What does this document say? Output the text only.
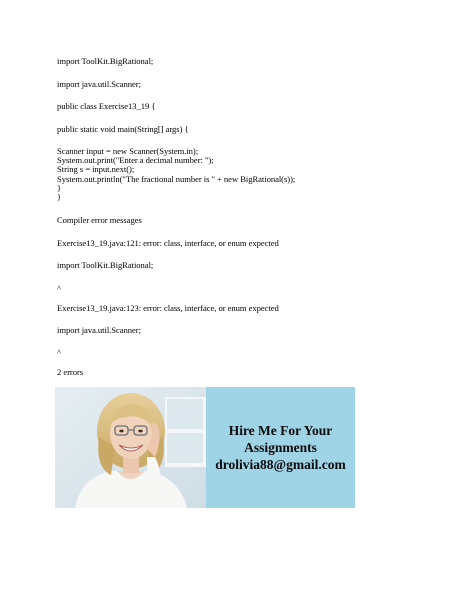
import ToolKit.BigRational;
import java.util.Scanner;
public class Exercise13_19 {
public static void main(String[] args) {
Scanner input = new Scanner(System.in);
System.out.print("Enter a decimal number: ");
String s = input.next();
System.out.println("The fractional number is " + new BigRational(s));
}
}
Compiler error messages
Exercise13_19.java:121: error: class, interface, or enum expected
import ToolKit.BigRational;
^
Exercise13_19.java:123: error: class, interface, or enum expected
import java.util.Scanner;
^
2 errors
Hire Me For Your
Assignments
drolivia88@gmail.com
